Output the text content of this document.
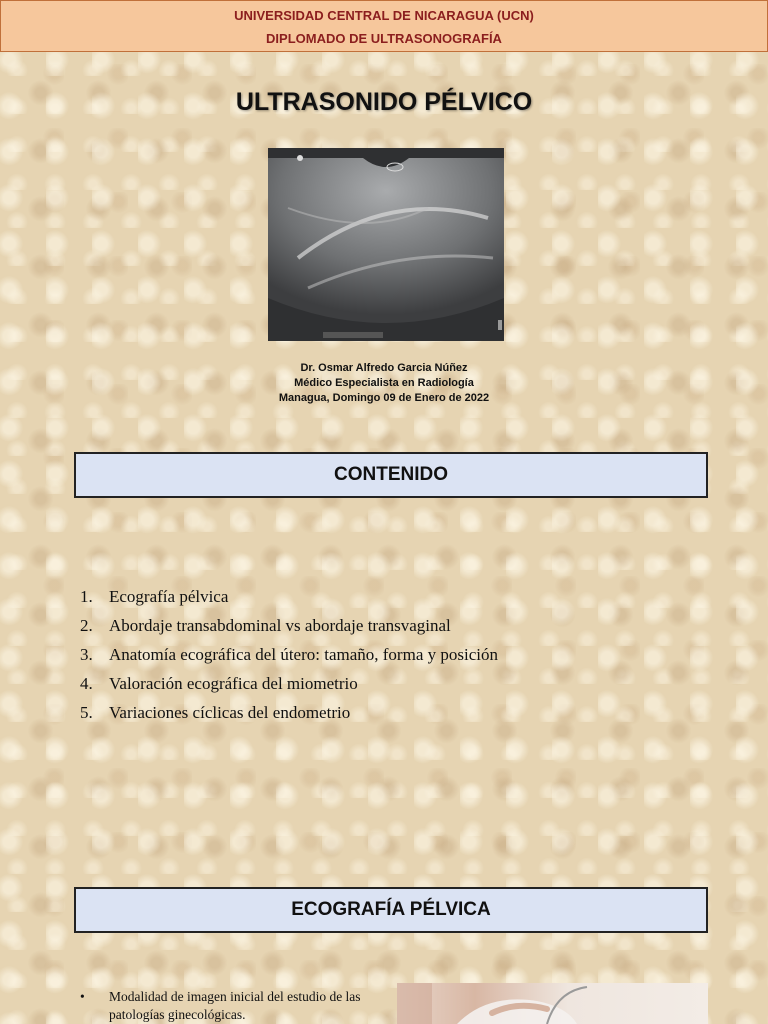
UNIVERSIDAD CENTRAL DE NICARAGUA (UCN)
DIPLOMADO DE ULTRASONOGRAFÍA
ULTRASONIDO PÉLVICO
Dr. Osmar Alfredo Garcia Núñez
Médico Especialista en Radiología
Managua, Domingo 09 de Enero de 2022
CONTENIDO
1. Ecografía pélvica
2. Abordaje transabdominal vs abordaje transvaginal
3. Anatomía ecográfica del útero: tamaño, forma y posición
4. Valoración ecográfica del miometrio
5. Variaciones cíclicas del endometrio
ECOGRAFÍA PÉLVICA
• Modalidad de imagen inicial del estudio de las patologías ginecológicas.
